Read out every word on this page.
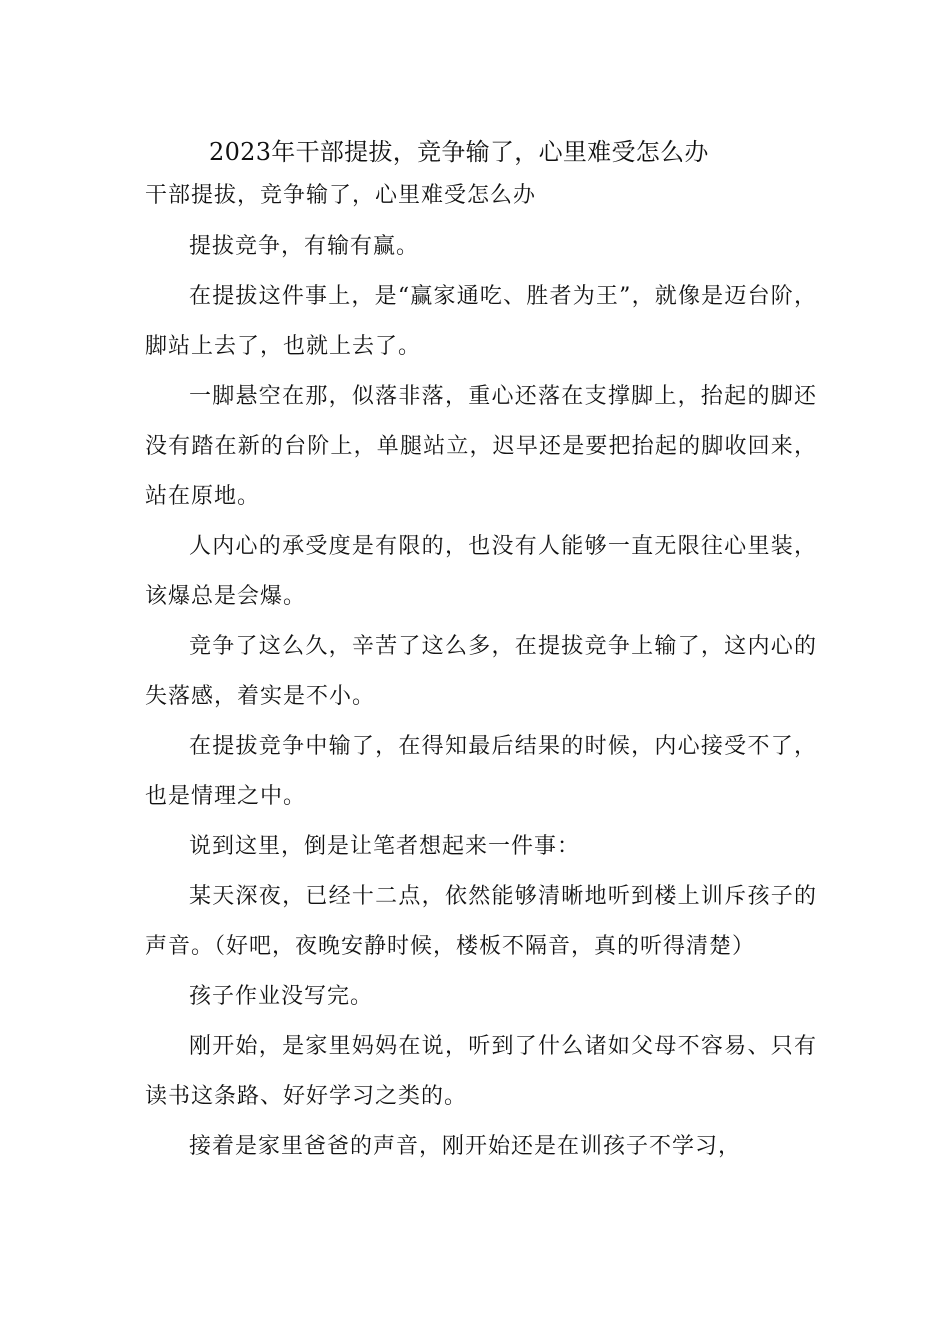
2023年干部提拔，竞争输了，心里难受怎么办
干部提拔，竞争输了，心里难受怎么办

提拔竞争，有输有赢。

在提拔这件事上，是“赢家通吃、胜者为王”，就像是迈台阶，脚站上去了，也就上去了。

一脚悬空在那，似落非落，重心还落在支撑脚上，抬起的脚还没有踏在新的台阶上，单腿站立，迟早还是要把抬起的脚收回来，站在原地。

人内心的承受度是有限的，也没有人能够一直无限往心里装，该爆总是会爆。

竞争了这么久，辛苦了这么多，在提拔竞争上输了，这内心的失落感，着实是不小。

在提拔竞争中输了，在得知最后结果的时候，内心接受不了，也是情理之中。

说到这里，倒是让笔者想起来一件事：

某天深夜，已经十二点，依然能够清晰地听到楼上训斥孩子的声音。（好吧，夜晚安静时候，楼板不隔音，真的听得清楚）

孩子作业没写完。

刚开始，是家里妈妈在说，听到了什么诸如父母不容易、只有读书这条路、好好学习之类的。

接着是家里爸爸的声音，刚开始还是在训孩子不学习，
